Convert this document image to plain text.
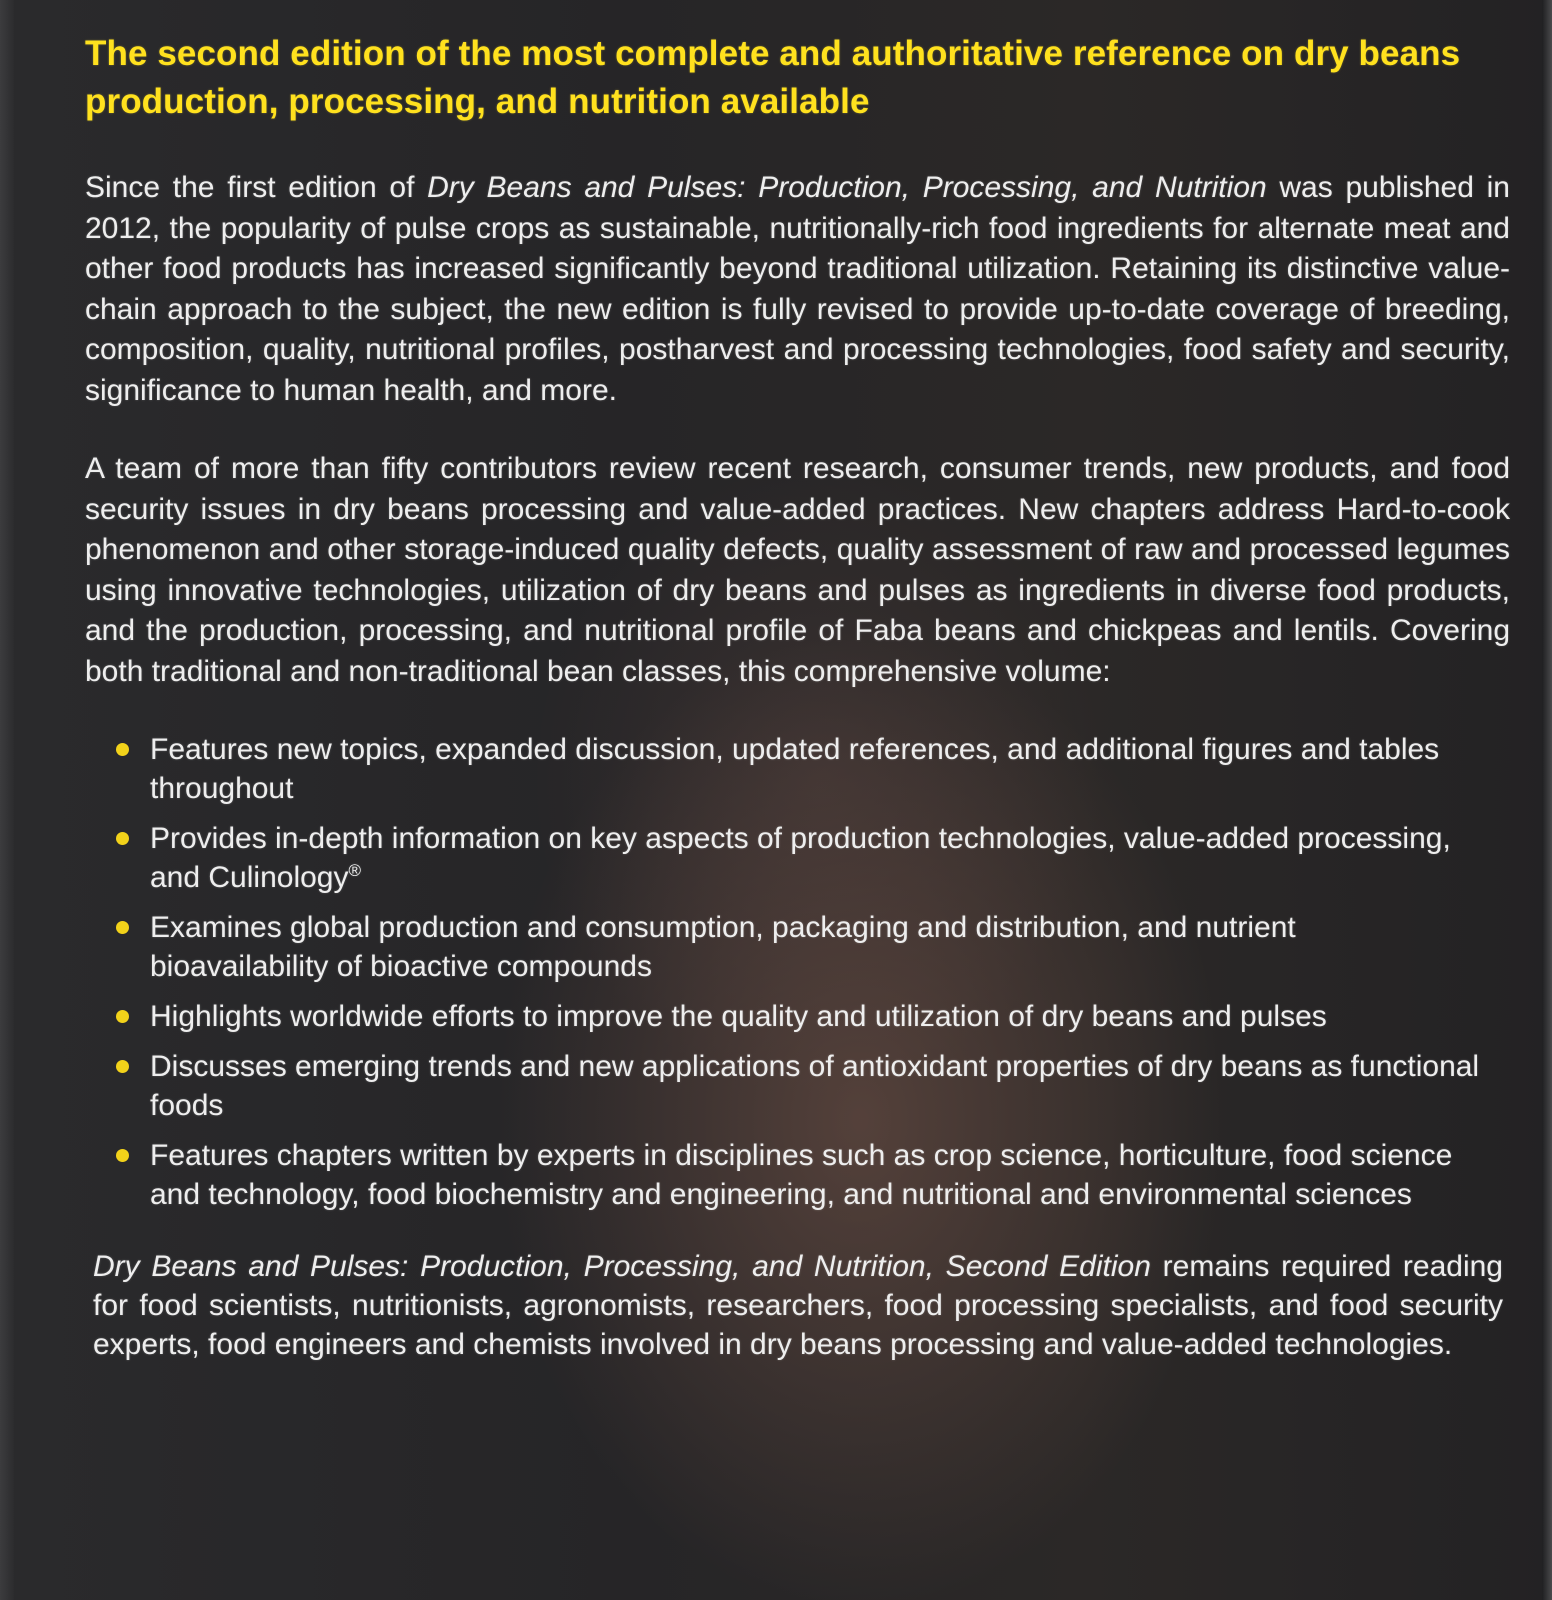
The second edition of the most complete and authoritative reference on dry beans production, processing, and nutrition available

Since the first edition of Dry Beans and Pulses: Production, Processing, and Nutrition was published in 2012, the popularity of pulse crops as sustainable, nutritionally-rich food ingredients for alternate meat and other food products has increased significantly beyond traditional utilization. Retaining its distinctive value-chain approach to the subject, the new edition is fully revised to provide up-to-date coverage of breeding, composition, quality, nutritional profiles, postharvest and processing technologies, food safety and security, significance to human health, and more.

A team of more than fifty contributors review recent research, consumer trends, new products, and food security issues in dry beans processing and value-added practices. New chapters address Hard-to-cook phenomenon and other storage-induced quality defects, quality assessment of raw and processed legumes using innovative technologies, utilization of dry beans and pulses as ingredients in diverse food products, and the production, processing, and nutritional profile of Faba beans and chickpeas and lentils. Covering both traditional and non-traditional bean classes, this comprehensive volume:

Features new topics, expanded discussion, updated references, and additional figures and tables throughout
Provides in-depth information on key aspects of production technologies, value-added processing, and Culinology®
Examines global production and consumption, packaging and distribution, and nutrient bioavailability of bioactive compounds
Highlights worldwide efforts to improve the quality and utilization of dry beans and pulses
Discusses emerging trends and new applications of antioxidant properties of dry beans as functional foods
Features chapters written by experts in disciplines such as crop science, horticulture, food science and technology, food biochemistry and engineering, and nutritional and environmental sciences

Dry Beans and Pulses: Production, Processing, and Nutrition, Second Edition remains required reading for food scientists, nutritionists, agronomists, researchers, food processing specialists, and food security experts, food engineers and chemists involved in dry beans processing and value-added technologies.
